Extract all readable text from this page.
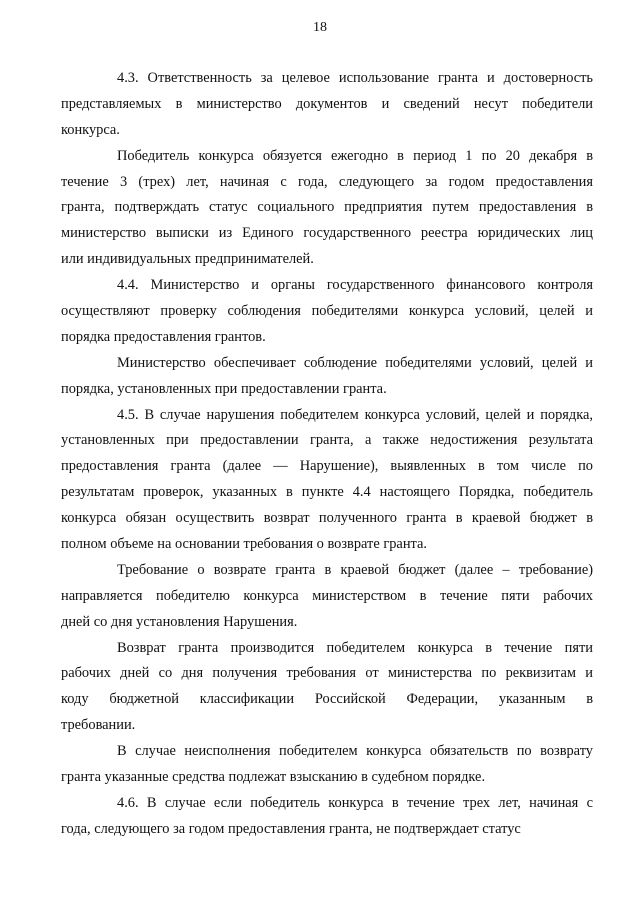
18
4.3. Ответственность за целевое использование гранта и достоверность
представляемых в министерство документов и сведений несут победители
конкурса.
Победитель конкурса обязуется ежегодно в период 1 по 20 декабря в
течение 3 (трех) лет, начиная с года, следующего за годом предоставления
гранта, подтверждать статус социального предприятия путем предоставления в
министерство выписки из Единого государственного реестра юридических лиц
или индивидуальных предпринимателей.
4.4. Министерство и органы государственного финансового контроля
осуществляют проверку соблюдения победителями конкурса условий, целей и
порядка предоставления грантов.
Министерство обеспечивает соблюдение победителями условий, целей и
порядка, установленных при предоставлении гранта.
4.5. В случае нарушения победителем конкурса условий, целей и порядка,
установленных при предоставлении гранта, а также недостижения результата
предоставления гранта (далее — Нарушение), выявленных в том числе по
результатам проверок, указанных в пункте 4.4 настоящего Порядка, победитель
конкурса обязан осуществить возврат полученного гранта в краевой бюджет в
полном объеме на основании требования о возврате гранта.
Требование о возврате гранта в краевой бюджет (далее – требование)
направляется победителю конкурса министерством в течение пяти рабочих
дней со дня установления Нарушения.
Возврат гранта производится победителем конкурса в течение пяти
рабочих дней со дня получения требования от министерства по реквизитам и
коду бюджетной классификации Российской Федерации, указанным в
требовании.
В случае неисполнения победителем конкурса обязательств по возврату
гранта указанные средства подлежат взысканию в судебном порядке.
4.6. В случае если победитель конкурса в течение трех лет, начиная с
года, следующего за годом предоставления гранта, не подтверждает статус
